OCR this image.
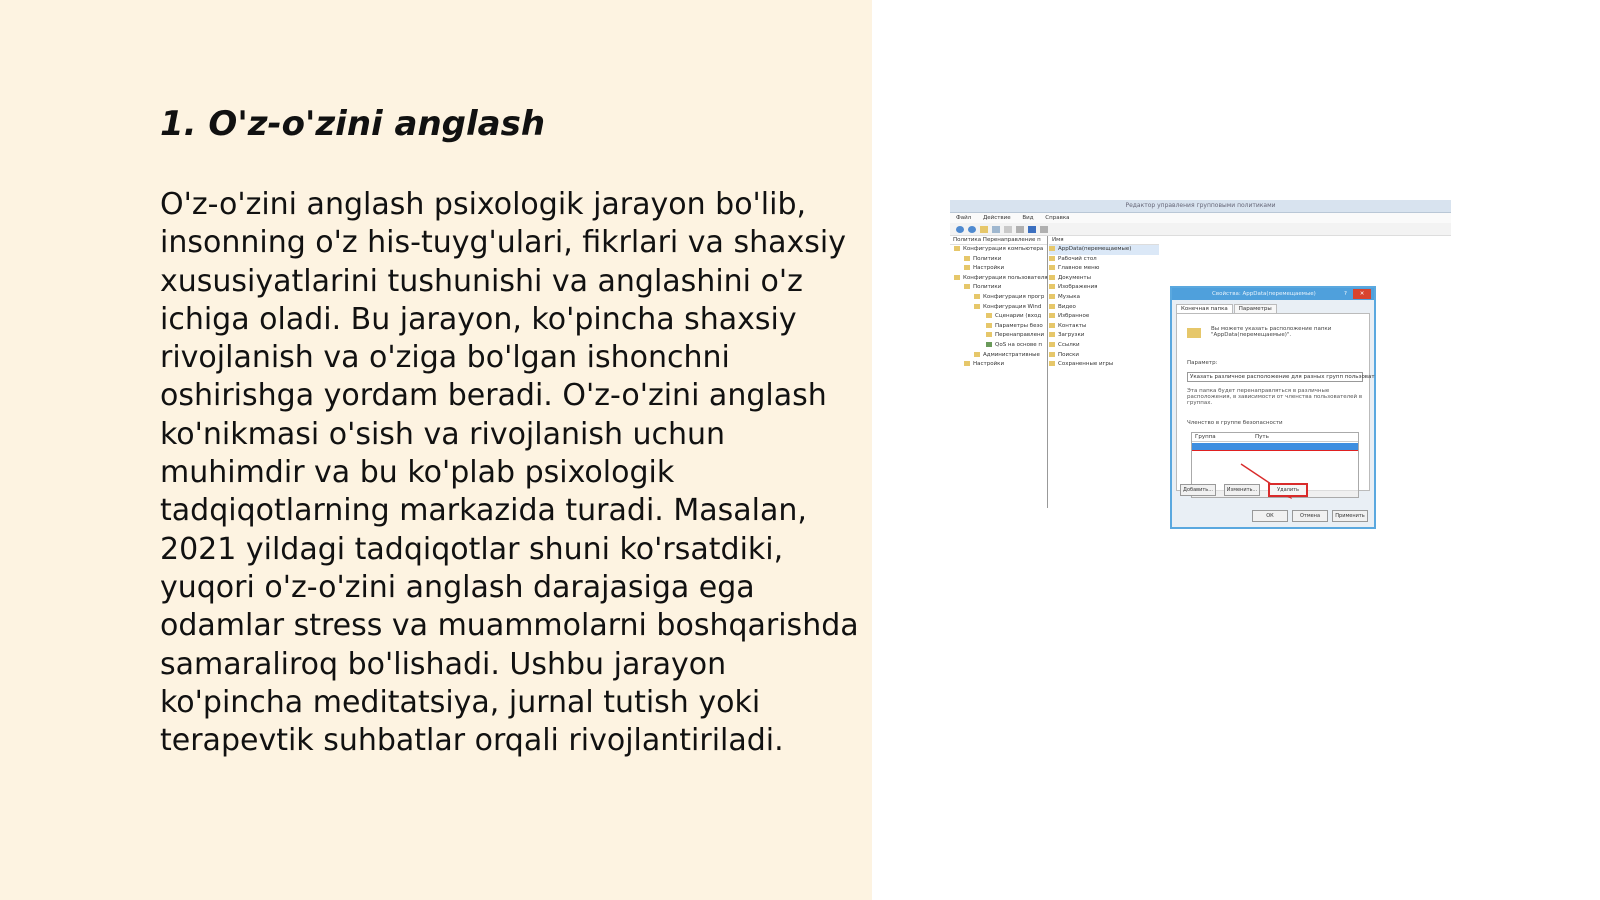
1. O'z-o'zini anglash

O'z-o'zini anglash psixologik jarayon bo'lib, insonning o'z his-tuyg'ulari, fikrlari va shaxsiy xususiyatlarini tushunishi va anglashini o'z ichiga oladi. Bu jarayon, ko'pincha shaxsiy rivojlanish va o'ziga bo'lgan ishonchni oshirishga yordam beradi. O'z-o'zini anglash ko'nikmasi o'sish va rivojlanish uchun muhimdir va bu ko'plab psixologik tadqiqotlarning markazida turadi. Masalan, 2021 yildagi tadqiqotlar shuni ko'rsatdiki, yuqori o'z-o'zini anglash darajasiga ega odamlar stress va muammolarni boshqarishda samaraliroq bo'lishadi. Ushbu jarayon ko'pincha meditatsiya, jurnal tutish yoki terapevtik suhbatlar orqali rivojlantiriladi.

Редактор управления групповыми политиками
Файл Действие Вид Справка
Политика Перенаправление п
Конфигурация компьютера
Политики
Настройки
Конфигурация пользователя
Политики
Конфигурация прогр
Конфигурация Wind
Сценарии (вход
Параметры безо
Перенаправлени
QoS на основе п
Административные
Настройки
Имя
AppData(перемещаемые)
Рабочий стол
Главное меню
Документы
Изображения
Музыка
Видео
Избранное
Контакты
Загрузки
Ссылки
Поиски
Сохраненные игры
Свойства: AppData(перемещаемые)	?	✕
Конечная папка	Параметры
Вы можете указать расположение папки "AppData(перемещаемые)".
Параметр:
Указать различное расположение для разных групп пользоват
Эта папка будет перенаправляться в различные расположения, в зависимости от членства пользователей в группах.
Членство в группе безопасности
Группа	Путь
Добавить...	Изменить...	Удалить
ОК	Отмена	Применить
